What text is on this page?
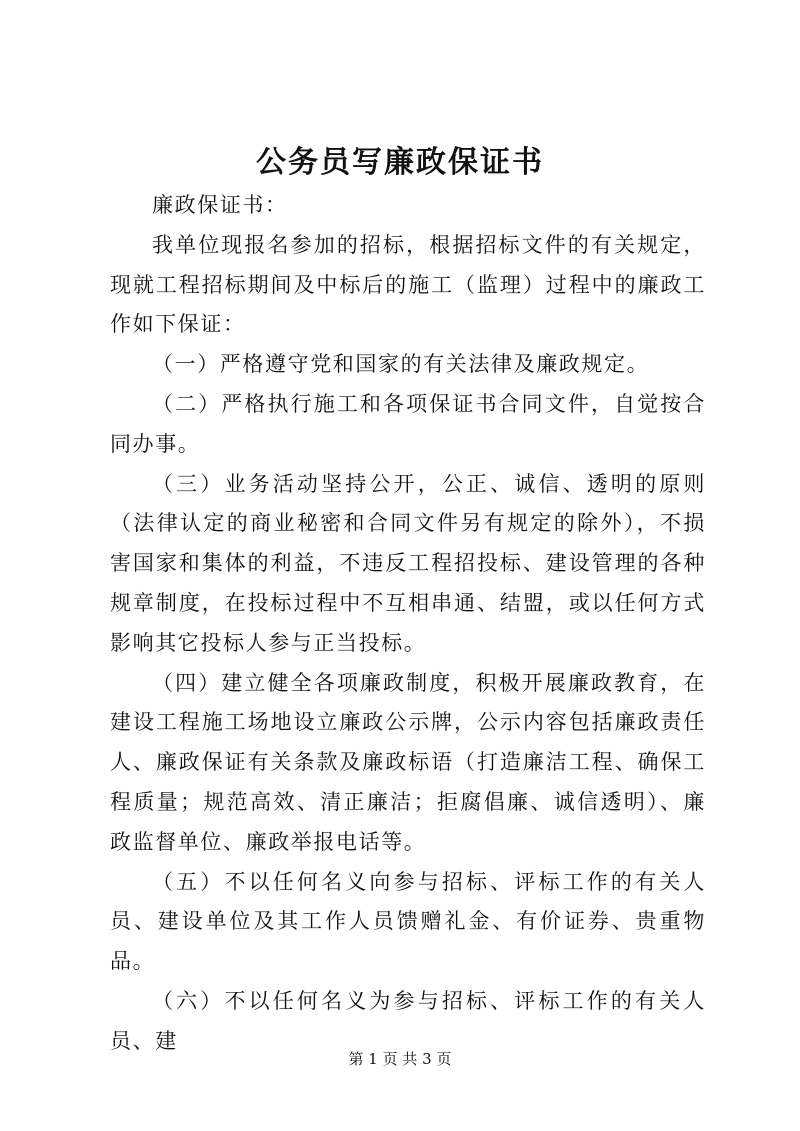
公务员写廉政保证书

廉政保证书：

我单位现报名参加的招标，根据招标文件的有关规定，现就工程招标期间及中标后的施工（监理）过程中的廉政工作如下保证：

（一）严格遵守党和国家的有关法律及廉政规定。

（二）严格执行施工和各项保证书合同文件，自觉按合同办事。

（三）业务活动坚持公开，公正、诚信、透明的原则（法律认定的商业秘密和合同文件另有规定的除外），不损害国家和集体的利益，不违反工程招投标、建设管理的各种规章制度，在投标过程中不互相串通、结盟，或以任何方式影响其它投标人参与正当投标。

（四）建立健全各项廉政制度，积极开展廉政教育，在建设工程施工场地设立廉政公示牌，公示内容包括廉政责任人、廉政保证有关条款及廉政标语（打造廉洁工程、确保工程质量；规范高效、清正廉洁；拒腐倡廉、诚信透明）、廉政监督单位、廉政举报电话等。

（五）不以任何名义向参与招标、评标工作的有关人员、建设单位及其工作人员馈赠礼金、有价证券、贵重物品。

（六）不以任何名义为参与招标、评标工作的有关人员、建

第 1 页 共 3 页
